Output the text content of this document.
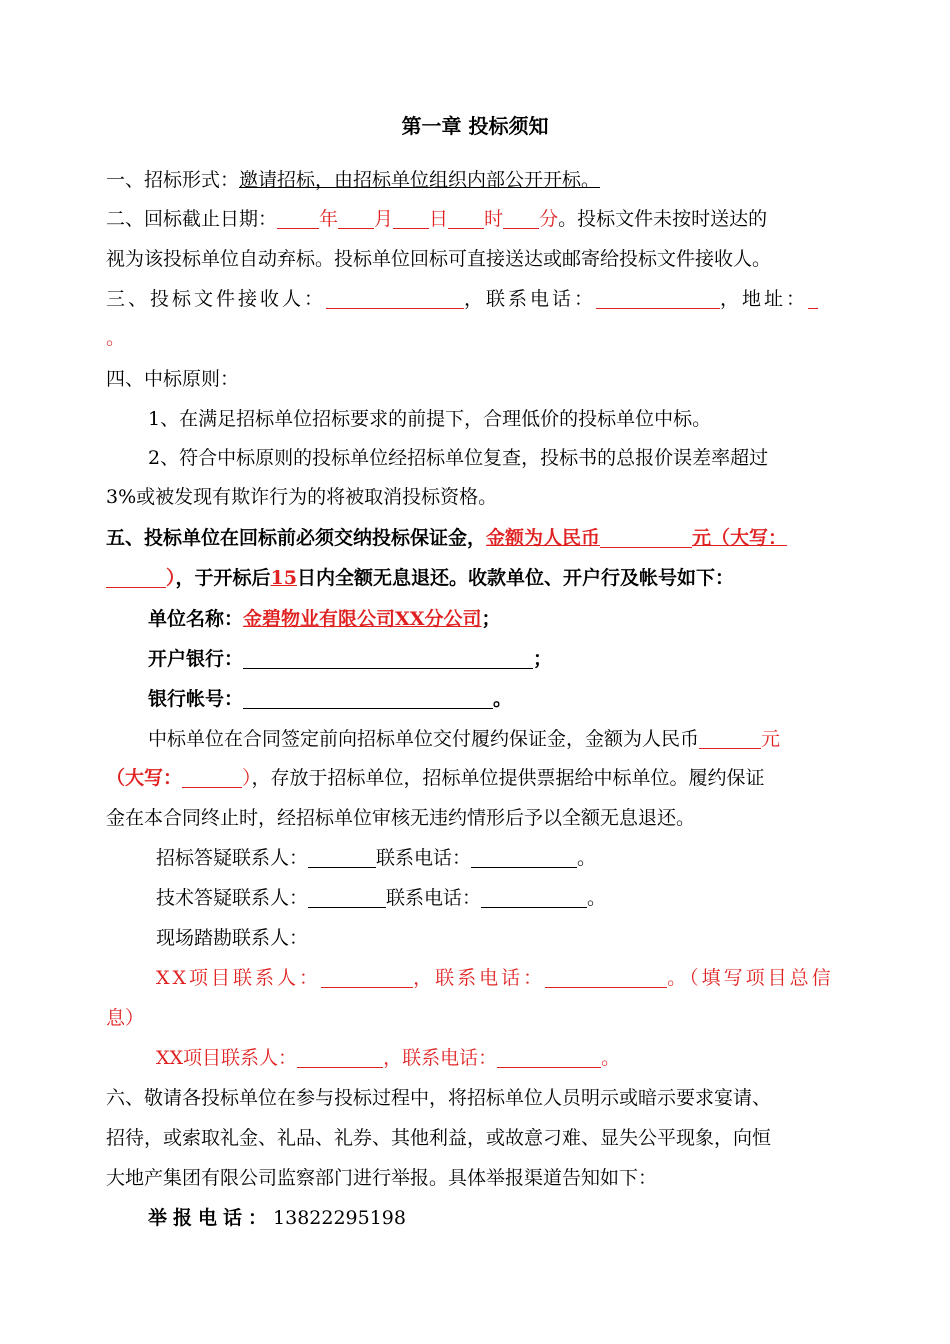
第一章 投标须知
一、招标形式：邀请招标，由招标单位组织内部公开开标。
二、回标截止日期： 年 月 日 时 分。投标文件未按时送达的
视为该投标单位自动弃标。投标单位回标可直接送达或邮寄给投标文件接收人。
三、投标文件接收人：	，联系电话：	，地址：
。
四、中标原则：
1、在满足招标单位招标要求的前提下，合理低价的投标单位中标。
2、符合中标原则的投标单位经招标单位复查，投标书的总报价误差率超过
3%或被发现有欺诈行为的将被取消投标资格。
五、投标单位在回标前必须交纳投标保证金，金额为人民币	元（大写：
），于开标后15日内全额无息退还。收款单位、开户行及帐号如下：
单位名称：金碧物业有限公司XX分公司；
开户银行：	；
银行帐号：	。
中标单位在合同签定前向招标单位交付履约保证金，金额为人民币	元
（大写：	），存放于招标单位，招标单位提供票据给中标单位。履约保证
金在本合同终止时，经招标单位审核无违约情形后予以全额无息退还。
招标答疑联系人：	联系电话：	。
技术答疑联系人：	联系电话：	。
现场踏勘联系人：
XX项目联系人：	，联系电话：	。（填写项目总信
息）
XX项目联系人：	，联系电话：	。
六、敬请各投标单位在参与投标过程中，将招标单位人员明示或暗示要求宴请、
招待，或索取礼金、礼品、礼券、其他利益，或故意刁难、显失公平现象，向恒
大地产集团有限公司监察部门进行举报。具体举报渠道告知如下：
举报电话：13822295198
